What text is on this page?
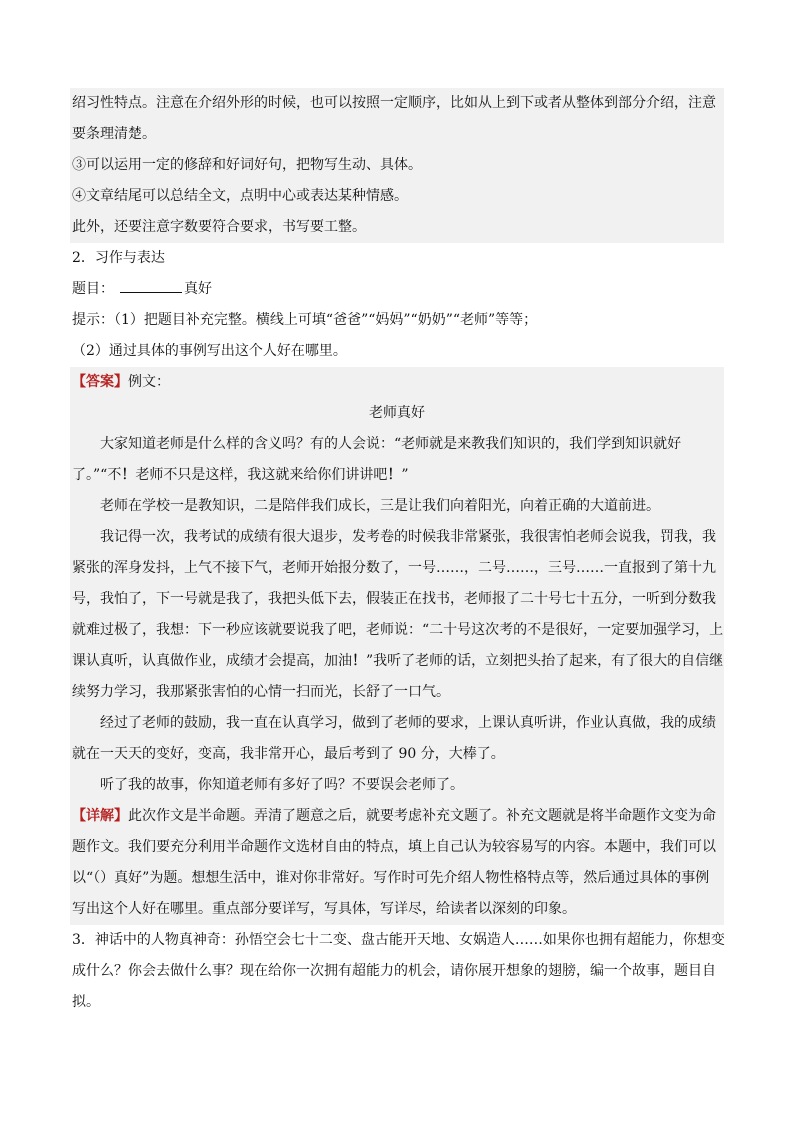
绍习性特点。注意在介绍外形的时候，也可以按照一定顺序，比如从上到下或者从整体到部分介绍，注意
要条理清楚。
③可以运用一定的修辞和好词好句，把物写生动、具体。
④文章结尾可以总结全文，点明中心或表达某种情感。
此外，还要注意字数要符合要求，书写要工整。
2．习作与表达
题目：	真好
提示：（1）把题目补充完整。横线上可填“爸爸”“妈妈”“奶奶”“老师”等等；
（2）通过具体的事例写出这个人好在哪里。
【答案】例文：
老师真好
大家知道老师是什么样的含义吗？有的人会说：“老师就是来教我们知识的，我们学到知识就好
了。”“不！老师不只是这样，我这就来给你们讲讲吧！”
老师在学校一是教知识，二是陪伴我们成长，三是让我们向着阳光，向着正确的大道前进。
我记得一次，我考试的成绩有很大退步，发考卷的时候我非常紧张，我很害怕老师会说我，罚我，我
紧张的浑身发抖，上气不接下气，老师开始报分数了，一号……，二号……，三号……一直报到了第十九
号，我怕了，下一号就是我了，我把头低下去，假装正在找书，老师报了二十号七十五分，一听到分数我
就难过极了，我想：下一秒应该就要说我了吧，老师说：“二十号这次考的不是很好，一定要加强学习，上
课认真听，认真做作业，成绩才会提高，加油！”我听了老师的话，立刻把头抬了起来，有了很大的自信继
续努力学习，我那紧张害怕的心情一扫而光，长舒了一口气。
经过了老师的鼓励，我一直在认真学习，做到了老师的要求，上课认真听讲，作业认真做，我的成绩
就在一天天的变好，变高，我非常开心，最后考到了 90 分，大棒了。
听了我的故事，你知道老师有多好了吗？不要误会老师了。
【详解】此次作文是半命题。弄清了题意之后，就要考虑补充文题了。补充文题就是将半命题作文变为命
题作文。我们要充分利用半命题作文选材自由的特点，填上自己认为较容易写的内容。本题中，我们可以
以“（）真好”为题。想想生活中，谁对你非常好。写作时可先介绍人物性格特点等，然后通过具体的事例
写出这个人好在哪里。重点部分要详写，写具体，写详尽，给读者以深刻的印象。
3．神话中的人物真神奇：孙悟空会七十二变、盘古能开天地、女娲造人……如果你也拥有超能力，你想变
成什么？你会去做什么事？现在给你一次拥有超能力的机会，请你展开想象的翅膀，编一个故事，题目自
拟。
